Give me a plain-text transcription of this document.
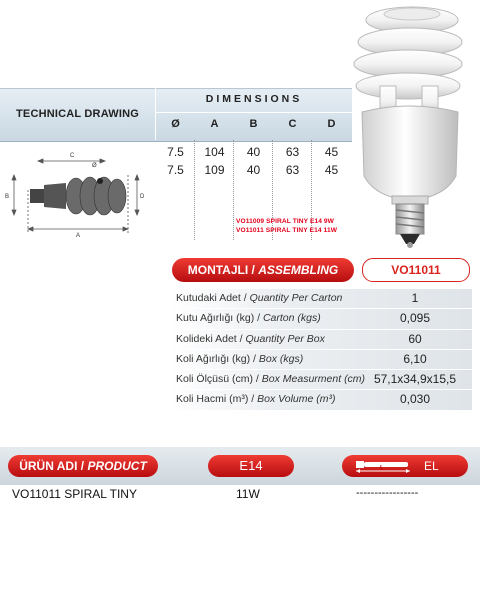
TECHNICAL DRAWING
DIMENSIONS
Ø	A	B	C	D
7.5	104	40	63	45
7.5	109	40	63	45
VO11009 SPIRAL TINY E14 9W
VO11011 SPIRAL TINY E14 11W
C
Ø
B	D
A
MONTAJLI / ASSEMBLING	VO11011
Kutudaki Adet / Quantity Per Carton	1
Kutu Ağırlığı (kg) / Carton (kgs)	0,095
Kolideki Adet / Quantity Per Box	60
Koli Ağırlığı (kg) / Box (kgs)	6,10
Koli Ölçüsü (cm) / Box Measurment (cm) 57,1x34,9x15,5
Koli Hacmi (m³) / Box Volume (m³)	0,030
ÜRÜN ADI / PRODUCT	E14	L	EL
VO11011 SPIRAL TINY	11W	-----------------
